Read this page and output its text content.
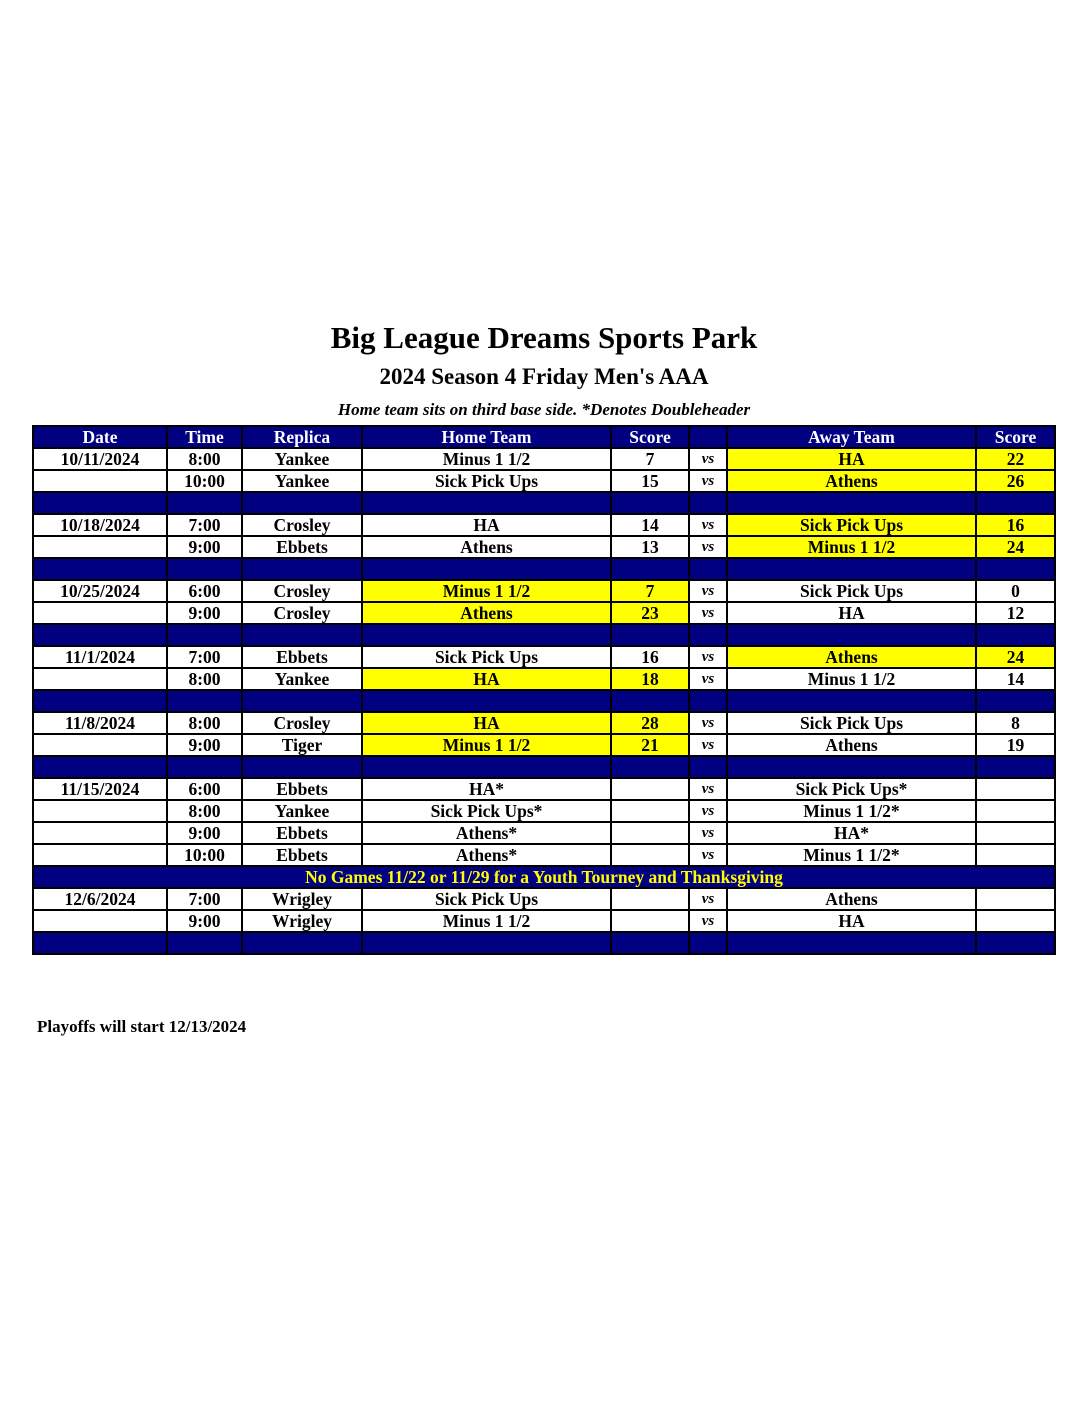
Big League Dreams Sports Park
2024 Season 4 Friday Men's AAA
Home team sits on third base side. *Denotes Doubleheader
Date	Time	Replica	Home Team	Score		Away Team	Score
10/11/2024	8:00	Yankee	Minus 1 1/2	7	vs	HA	22
	10:00	Yankee	Sick Pick Ups	15	vs	Athens	26

10/18/2024	7:00	Crosley	HA	14	vs	Sick Pick Ups	16
	9:00	Ebbets	Athens	13	vs	Minus 1 1/2	24

10/25/2024	6:00	Crosley	Minus 1 1/2	7	vs	Sick Pick Ups	0
	9:00	Crosley	Athens	23	vs	HA	12

11/1/2024	7:00	Ebbets	Sick Pick Ups	16	vs	Athens	24
	8:00	Yankee	HA	18	vs	Minus 1 1/2	14

11/8/2024	8:00	Crosley	HA	28	vs	Sick Pick Ups	8
	9:00	Tiger	Minus 1 1/2	21	vs	Athens	19

11/15/2024	6:00	Ebbets	HA*		vs	Sick Pick Ups*	
	8:00	Yankee	Sick Pick Ups*		vs	Minus 1 1/2*	
	9:00	Ebbets	Athens*		vs	HA*	
	10:00	Ebbets	Athens*		vs	Minus 1 1/2*	
No Games 11/22 or 11/29 for a Youth Tourney and Thanksgiving							
12/6/2024	7:00	Wrigley	Sick Pick Ups		vs	Athens	
	9:00	Wrigley	Minus 1 1/2		vs	HA	

Playoffs will start 12/13/2024
